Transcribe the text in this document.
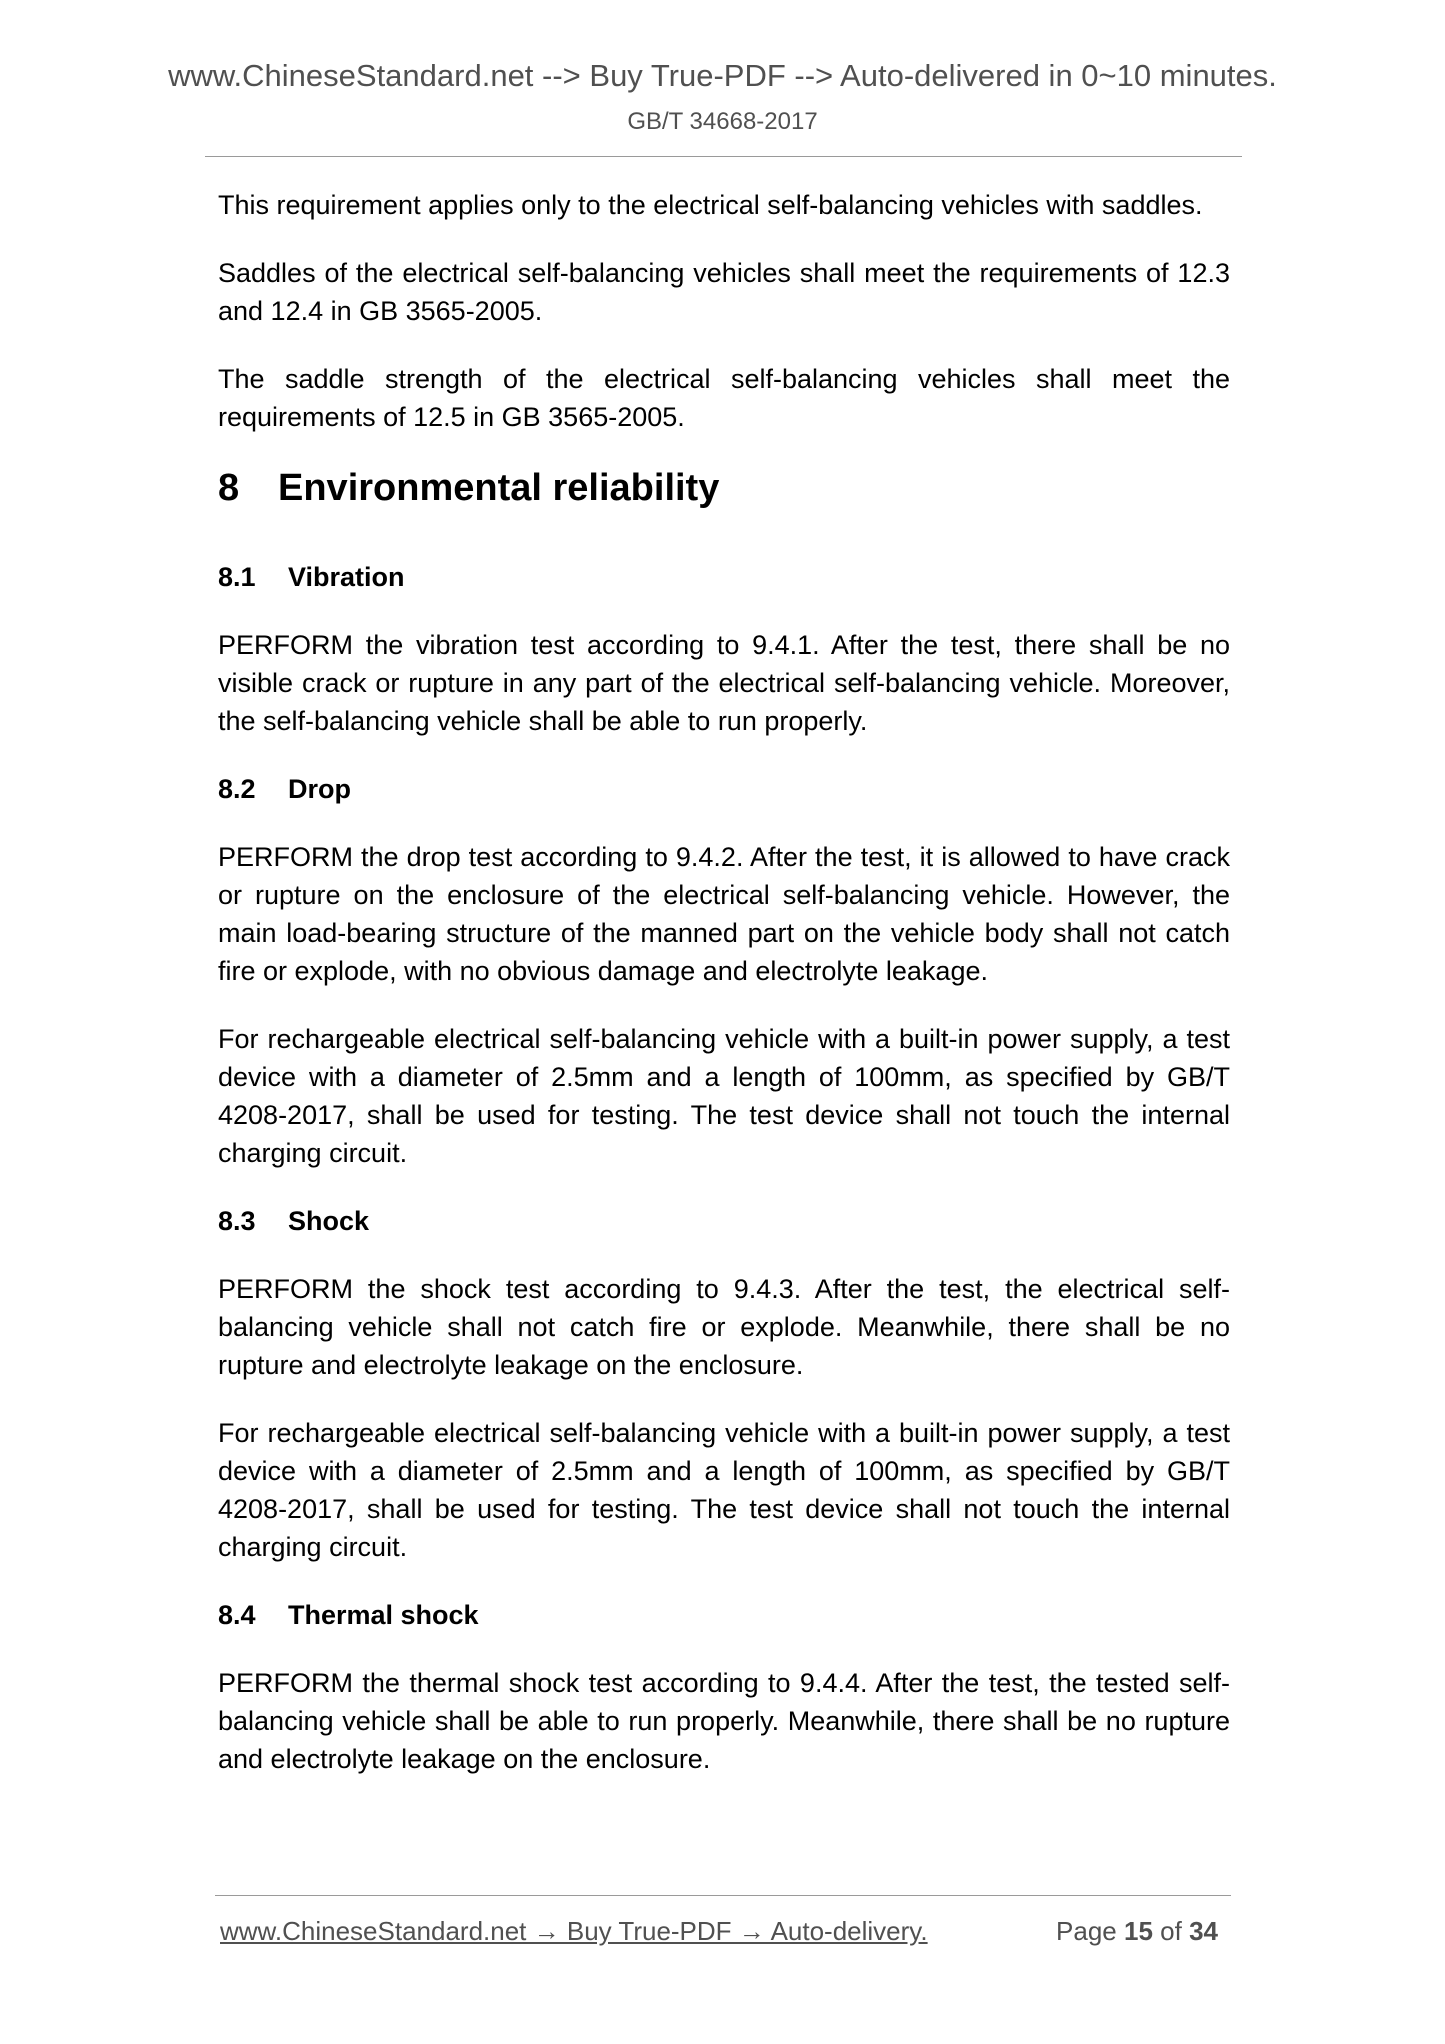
www.ChineseStandard.net --> Buy True-PDF --> Auto-delivered in 0~10 minutes.
GB/T 34668-2017

This requirement applies only to the electrical self-balancing vehicles with saddles.

Saddles of the electrical self-balancing vehicles shall meet the requirements of 12.3 and 12.4 in GB 3565-2005.

The saddle strength of the electrical self-balancing vehicles shall meet the requirements of 12.5 in GB 3565-2005.

8 Environmental reliability
8.1 Vibration

PERFORM the vibration test according to 9.4.1. After the test, there shall be no visible crack or rupture in any part of the electrical self-balancing vehicle. Moreover, the self-balancing vehicle shall be able to run properly.

8.2 Drop

PERFORM the drop test according to 9.4.2. After the test, it is allowed to have crack or rupture on the enclosure of the electrical self-balancing vehicle. However, the main load-bearing structure of the manned part on the vehicle body shall not catch fire or explode, with no obvious damage and electrolyte leakage.

For rechargeable electrical self-balancing vehicle with a built-in power supply, a test device with a diameter of 2.5mm and a length of 100mm, as specified by GB/T 4208-2017, shall be used for testing. The test device shall not touch the internal charging circuit.

8.3 Shock

PERFORM the shock test according to 9.4.3. After the test, the electrical self-balancing vehicle shall not catch fire or explode. Meanwhile, there shall be no rupture and electrolyte leakage on the enclosure.

For rechargeable electrical self-balancing vehicle with a built-in power supply, a test device with a diameter of 2.5mm and a length of 100mm, as specified by GB/T 4208-2017, shall be used for testing. The test device shall not touch the internal charging circuit.

8.4 Thermal shock

PERFORM the thermal shock test according to 9.4.4. After the test, the tested self-balancing vehicle shall be able to run properly. Meanwhile, there shall be no rupture and electrolyte leakage on the enclosure.

www.ChineseStandard.net → Buy True-PDF → Auto-delivery.	Page 15 of 34
